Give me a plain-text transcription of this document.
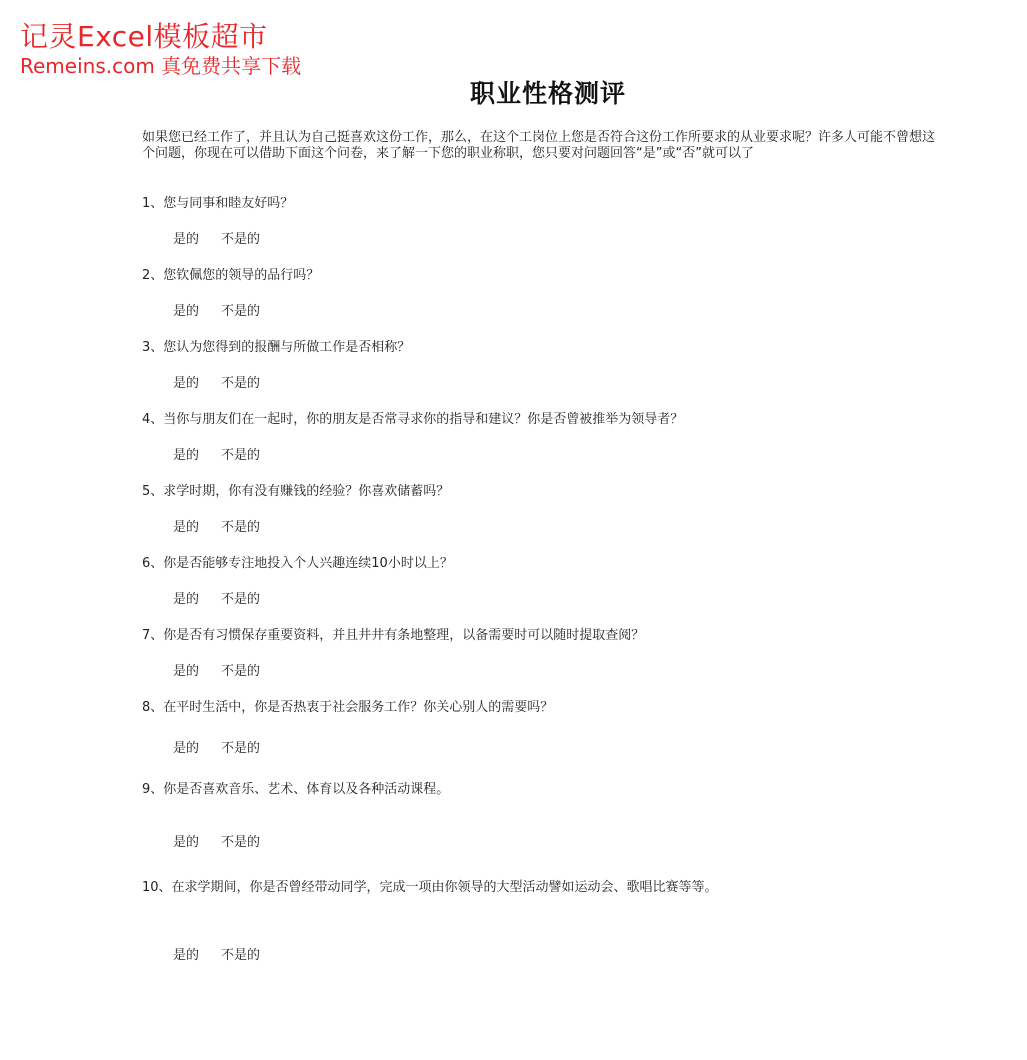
记灵Excel模板超市
Remeins.com 真免费共享下载
职业性格测评
如果您已经工作了，并且认为自己挺喜欢这份工作，那么，在这个工岗位上您是否符合这份工作所要求的从业要求呢？许多人可能不曾想这个问题，你现在可以借助下面这个问卷，来了解一下您的职业称职，您只要对问题回答“是”或“否”就可以了
1、您与同事和睦友好吗？
是的 不是的
2、您钦佩您的领导的品行吗？
是的 不是的
3、您认为您得到的报酬与所做工作是否相称？
是的 不是的
4、当你与朋友们在一起时，你的朋友是否常寻求你的指导和建议？你是否曾被推举为领导者？
是的 不是的
5、求学时期，你有没有赚钱的经验？你喜欢储蓄吗？
是的 不是的
6、你是否能够专注地投入个人兴趣连续10小时以上？
是的 不是的
7、你是否有习惯保存重要资料，并且井井有条地整理，以备需要时可以随时提取查阅？
是的 不是的
8、在平时生活中，你是否热衷于社会服务工作？你关心别人的需要吗？
是的 不是的
9、你是否喜欢音乐、艺术、体育以及各种活动课程。
是的 不是的
10、在求学期间，你是否曾经带动同学，完成一项由你领导的大型活动譬如运动会、歌唱比赛等等。
是的 不是的
